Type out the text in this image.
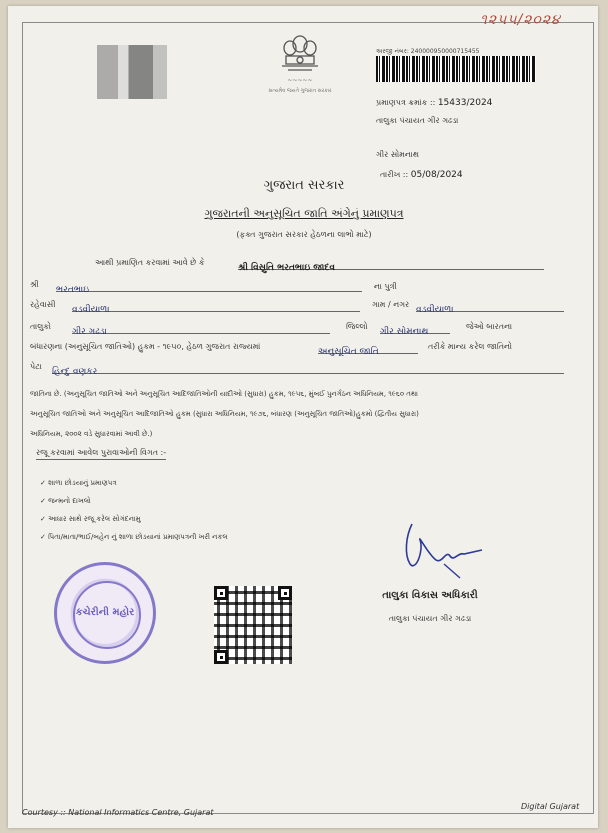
૧૨૫૫/૨૦૨૪
~~~~~
સત્યમેવ જયતે ગુજરાત સરકાર
અરજી નંબર: 240000950000715455
પ્રમાણપત્ર ક્રમાંક :: 15433/2024
તાલુકા પંચાયત ગીર ગઢડા
ગીર સોમનાથ
તારીખ :: 05/08/2024
ગુજરાત સરકાર
ગુજરાતની અનુસૂચિત જાતિ અંગેનું પ્રમાણપત્ર
(ફક્ત ગુજરાત સરકાર હેઠળના લાભો માટે)
આથી પ્રમાણિત કરવામાં આવે છે કે
શ્રી વિસ્રુતિ ભરતભાઇ જાદવ
શ્રી
ભરતભાઇ	ના પુત્રી
રહેવાસી
વડવીયાળા
ગામ / નગર
વડવીયાળા
તાલુકો
ગીર ગઢડા
જિલ્લો
ગીર સોમનાથ
જેઓ બારતના
બંધારણના (અનુસૂચિત જાતિઓ) હુકમ - ૧૯૫૦, હેઠળ ગુજરાત રાજ્યમાં
અનુસૂચિત જાતિ
તરીકે માન્ય કરેલ જાતિનો
પેટા
હિન્દુ વણકર
જાતિના છે. (અનુસૂચિત જાતિઓ અને અનુસૂચિત આદિજાતિઓની યાદીઓ (સુધારા) હુકમ, ૧૯૫૬, મુંબઈ પુનર્ગઠન અધિનિયમ, ૧૯૬૦ તથા
અનુસૂચિત જાતિઓ અને અનુસૂચિત આદિજાતિઓ હુકમ (સુધારા અધિનિયમ, ૧૯૭૬, બંધારણ (અનુસૂચિત જાતિઓ)હુકમો (દ્વિતીય સુધારા)
અધિનિયમ, ૨૦૦૨ વડે સુધારવામાં આવી છે.)
રજૂ કરવામાં આવેલ પુરાવાઓની વિગત :-
✓ શાળા છોડયાનું પ્રમાણપત્ર
✓ જન્મનો દાખલો
✓ આધાર સાથે રજૂ કરેલ સોગંદનામુ
✓ પિતા/માતા/ભાઈ/બહેન નું શાળા છોડયાનાં પ્રમાણપત્રની ખરી નકલ
કચેરીની મહોર
તાલુકા વિકાસ અધિકારી
તાલુકા પંચાયત ગીર ગઢડા
Courtesy :: National Informatics Centre, Gujarat
Digital Gujarat
